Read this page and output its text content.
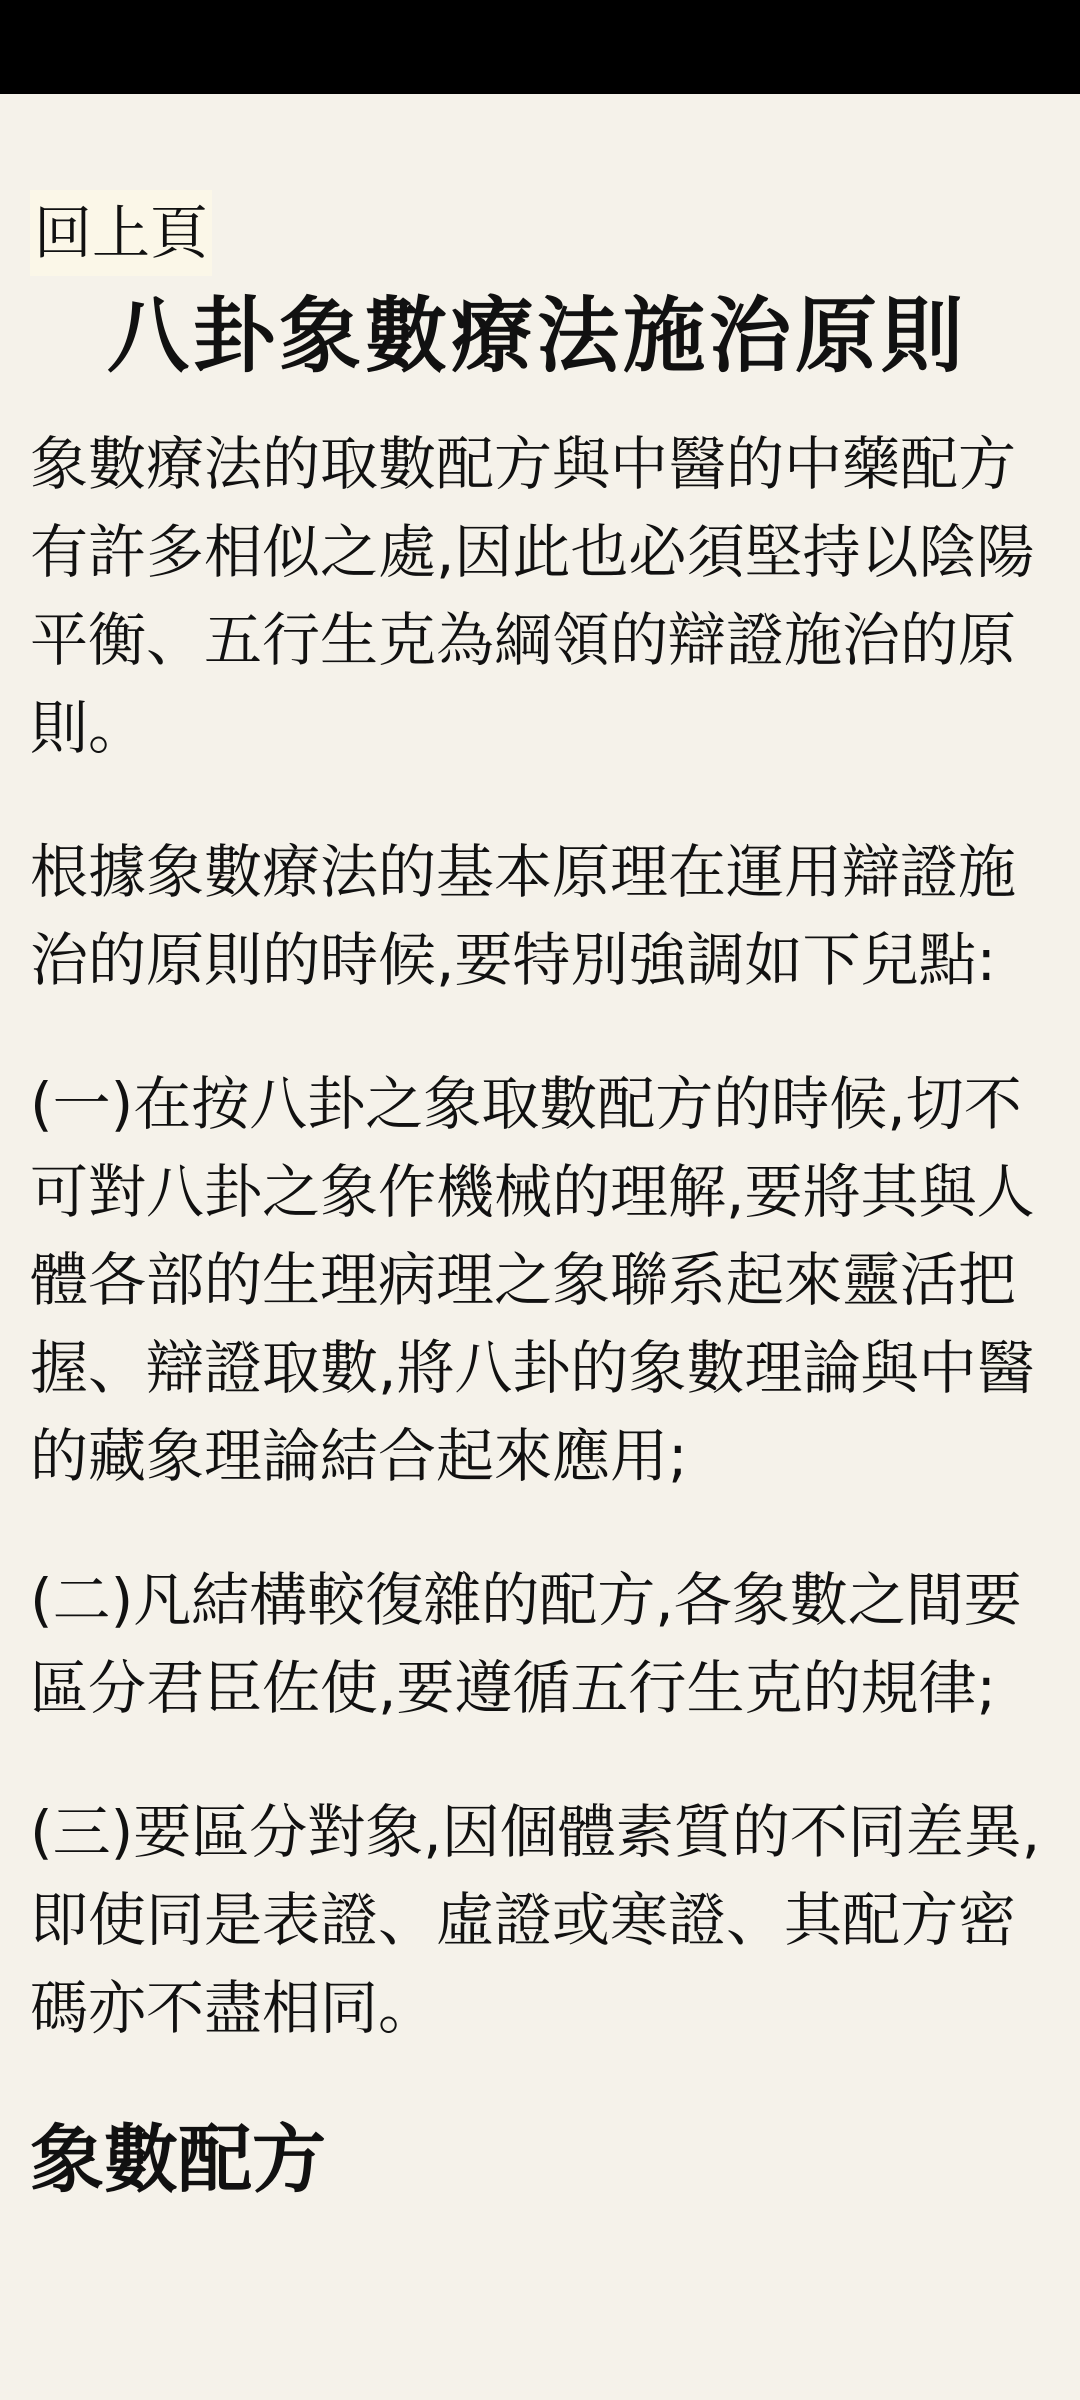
回上頁
八卦象數療法施治原則

象數療法的取數配方與中醫的中藥配方有許多相似之處,因此也必須堅持以陰陽平衡、五行生克為綱領的辯證施治的原則。

根據象數療法的基本原理在運用辯證施治的原則的時候,要特別強調如下兒點:

(一)在按八卦之象取數配方的時候,切不可對八卦之象作機械的理解,要將其與人體各部的生理病理之象聯系起來靈活把握、辯證取數,將八卦的象數理論與中醫的藏象理論結合起來應用;

(二)凡結構較復雜的配方,各象數之間要區分君臣佐使,要遵循五行生克的規律;

(三)要區分對象,因個體素質的不同差異,即使同是表證、虛證或寒證、其配方密碼亦不盡相同。

象數配方
